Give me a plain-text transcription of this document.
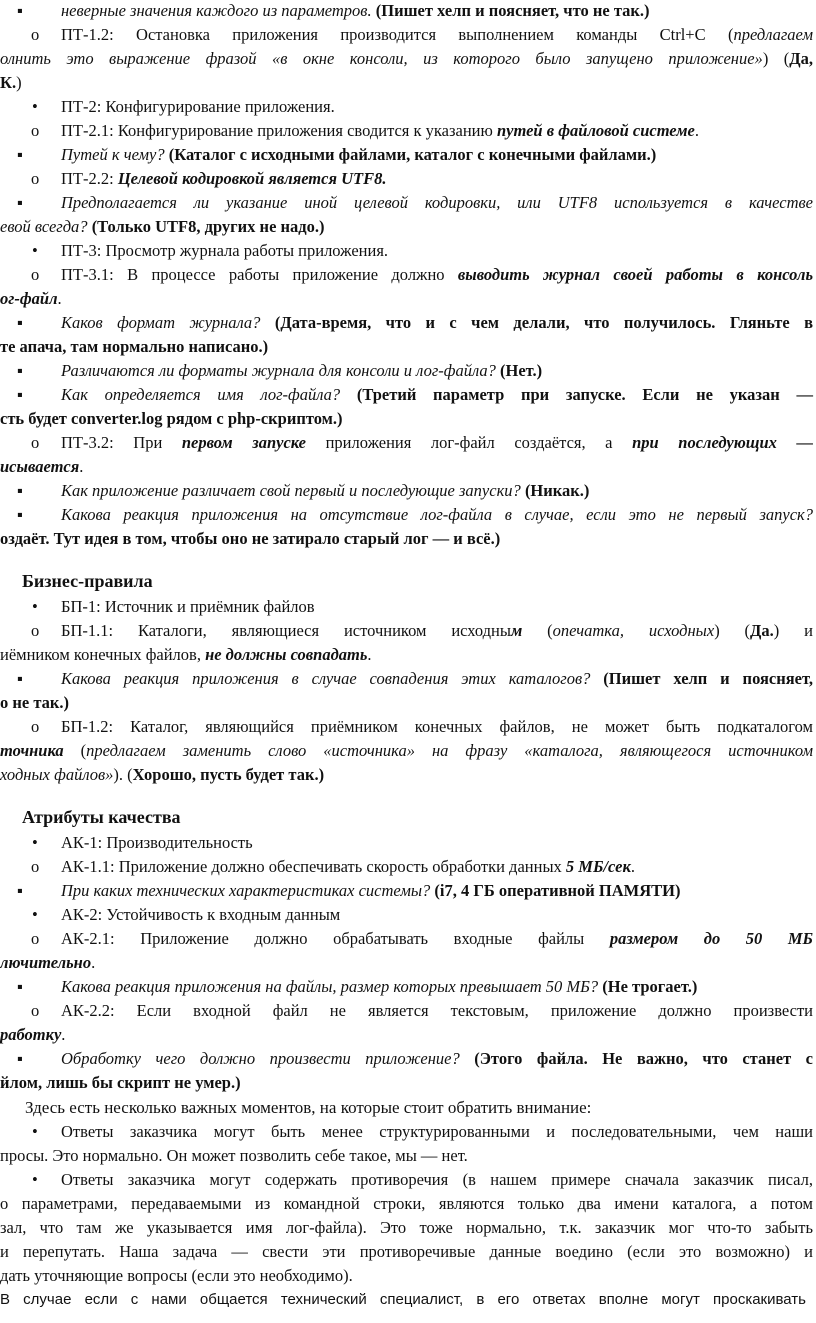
▪ неверные значения каждого из параметров. (Пишет хелп и поясняет, что не так.)
o ПТ-1.2: Остановка приложения производится выполнением команды Ctrl+C (предлагаем
олнить это выражение фразой «в окне консоли, из которого было запущено приложение») (Да,
К.)
• ПТ-2: Конфигурирование приложения.
o ПТ-2.1: Конфигурирование приложения сводится к указанию путей в файловой системе.
▪ Путей к чему? (Каталог с исходными файлами, каталог с конечными файлами.)
o ПТ-2.2: Целевой кодировкой является UTF8.
▪ Предполагается ли указание иной целевой кодировки, или UTF8 используется в качестве
евой всегда? (Только UTF8, других не надо.)
• ПТ-3: Просмотр журнала работы приложения.
o ПТ-3.1: В процессе работы приложение должно выводить журнал своей работы в консоль
ог-файл.
▪ Каков формат журнала? (Дата-время, что и с чем делали, что получилось. Гляньте в
те апача, там нормально написано.)
▪ Различаются ли форматы журнала для консоли и лог-файла? (Нет.)
▪ Как определяется имя лог-файла? (Третий параметр при запуске. Если не указан —
сть будет converter.log рядом с php-скриптом.)
o ПТ-3.2: При первом запуске приложения лог-файл создаётся, а при последующих —
исывается.
▪ Как приложение различает свой первый и последующие запуски? (Никак.)
▪ Какова реакция приложения на отсутствие лог-файла в случае, если это не первый запуск?
оздаёт. Тут идея в том, чтобы оно не затирало старый лог — и всё.)
Бизнес-правила
• БП-1: Источник и приёмник файлов
o БП-1.1: Каталоги, являющиеся источником исходным (опечатка, исходных) (Да.) и
иёмником конечных файлов, не должны совпадать.
▪ Какова реакция приложения в случае совпадения этих каталогов? (Пишет хелп и поясняет,
о не так.)
o БП-1.2: Каталог, являющийся приёмником конечных файлов, не может быть подкаталогом
точника (предлагаем заменить слово «источника» на фразу «каталога, являющегося источником
ходных файлов»). (Хорошо, пусть будет так.)
Атрибуты качества
• АК-1: Производительность
o АК-1.1: Приложение должно обеспечивать скорость обработки данных 5 МБ/сек.
▪ При каких технических характеристиках системы? (i7, 4 ГБ оперативной ПАМЯТИ)
• АК-2: Устойчивость к входным данным
o АК-2.1: Приложение должно обрабатывать входные файлы размером до 50 МБ
лючительно.
▪ Какова реакция приложения на файлы, размер которых превышает 50 МБ? (Не трогает.)
o АК-2.2: Если входной файл не является текстовым, приложение должно произвести
работку.
▪ Обработку чего должно произвести приложение? (Этого файла. Не важно, что станет с
йлом, лишь бы скрипт не умер.)
Здесь есть несколько важных моментов, на которые стоит обратить внимание:
• Ответы заказчика могут быть менее структурированными и последовательными, чем наши
просы. Это нормально. Он может позволить себе такое, мы — нет.
• Ответы заказчика могут содержать противоречия (в нашем примере сначала заказчик писал,
о параметрами, передаваемыми из командной строки, являются только два имени каталога, а потом
зал, что там же указывается имя лог-файла). Это тоже нормально, т.к. заказчик мог что-то забыть
и перепутать. Наша задача — свести эти противоречивые данные воедино (если это возможно) и
дать уточняющие вопросы (если это необходимо).
В случае если с нами общается технический специалист, в его ответах вполне могут проскакивать
